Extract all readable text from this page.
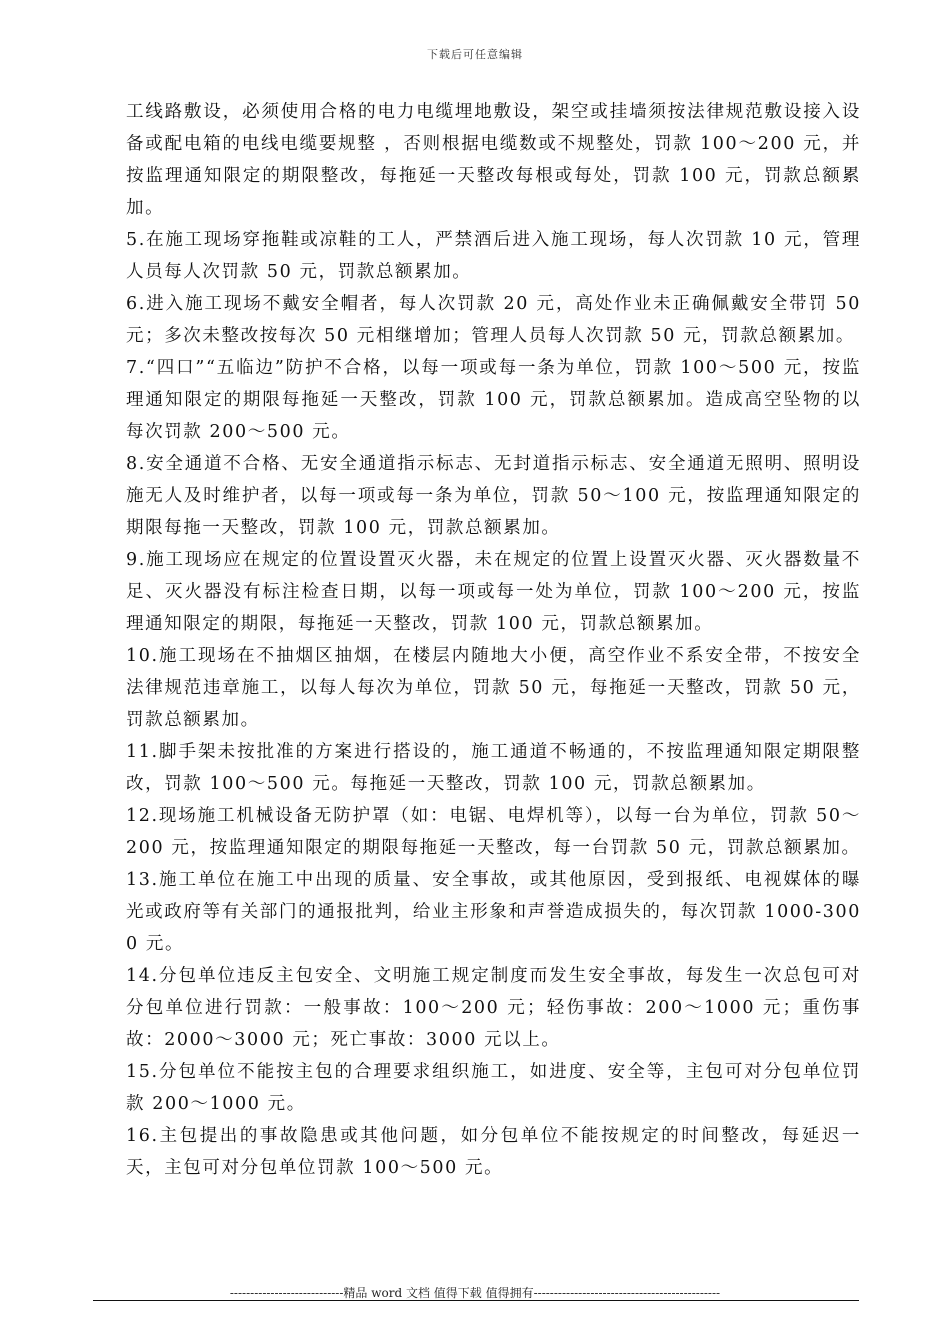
下载后可任意编辑

工线路敷设，必须使用合格的电力电缆埋地敷设，架空或挂墙须按法律规范敷设接入设备或配电箱的电线电缆要规整 ，否则根据电缆数或不规整处，罚款 100～200 元，并按监理通知限定的期限整改，每拖延一天整改每根或每处，罚款 100 元，罚款总额累加。

5.在施工现场穿拖鞋或凉鞋的工人，严禁酒后进入施工现场，每人次罚款 10 元，管理人员每人次罚款 50 元，罚款总额累加。

6.进入施工现场不戴安全帽者，每人次罚款 20 元，高处作业未正确佩戴安全带罚 50 元；多次未整改按每次 50 元相继增加；管理人员每人次罚款 50 元，罚款总额累加。

7.“四口”“五临边”防护不合格，以每一项或每一条为单位，罚款 100～500 元，按监理通知限定的期限每拖延一天整改，罚款 100 元，罚款总额累加。造成高空坠物的以每次罚款 200～500 元。

8.安全通道不合格、无安全通道指示标志、无封道指示标志、安全通道无照明、照明设施无人及时维护者，以每一项或每一条为单位，罚款 50～100 元，按监理通知限定的期限每拖一天整改，罚款 100 元，罚款总额累加。

9.施工现场应在规定的位置设置灭火器，未在规定的位置上设置灭火器、灭火器数量不足、灭火器没有标注检查日期，以每一项或每一处为单位，罚款 100～200 元，按监理通知限定的期限，每拖延一天整改，罚款 100 元，罚款总额累加。

10.施工现场在不抽烟区抽烟，在楼层内随地大小便，高空作业不系安全带，不按安全法律规范违章施工，以每人每次为单位，罚款 50 元，每拖延一天整改，罚款 50 元，罚款总额累加。

11.脚手架未按批准的方案进行搭设的，施工通道不畅通的，不按监理通知限定期限整改，罚款 100～500 元。每拖延一天整改，罚款 100 元，罚款总额累加。

12.现场施工机械设备无防护罩（如：电锯、电焊机等），以每一台为单位，罚款 50～200 元，按监理通知限定的期限每拖延一天整改，每一台罚款 50 元，罚款总额累加。

13.施工单位在施工中出现的质量、安全事故，或其他原因，受到报纸、电视媒体的曝光或政府等有关部门的通报批判，给业主形象和声誉造成损失的，每次罚款 1000-3000 元。

14.分包单位违反主包安全、文明施工规定制度而发生安全事故，每发生一次总包可对分包单位进行罚款：一般事故：100～200 元；轻伤事故：200～1000 元；重伤事故：2000～3000 元；死亡事故：3000 元以上。

15.分包单位不能按主包的合理要求组织施工，如进度、安全等，主包可对分包单位罚款 200～1000 元。

16.主包提出的事故隐患或其他问题，如分包单位不能按规定的时间整改，每延迟一天，主包可对分包单位罚款 100～500 元。

----------------------------精品 word 文档 值得下载 值得拥有----------------------------------------------
